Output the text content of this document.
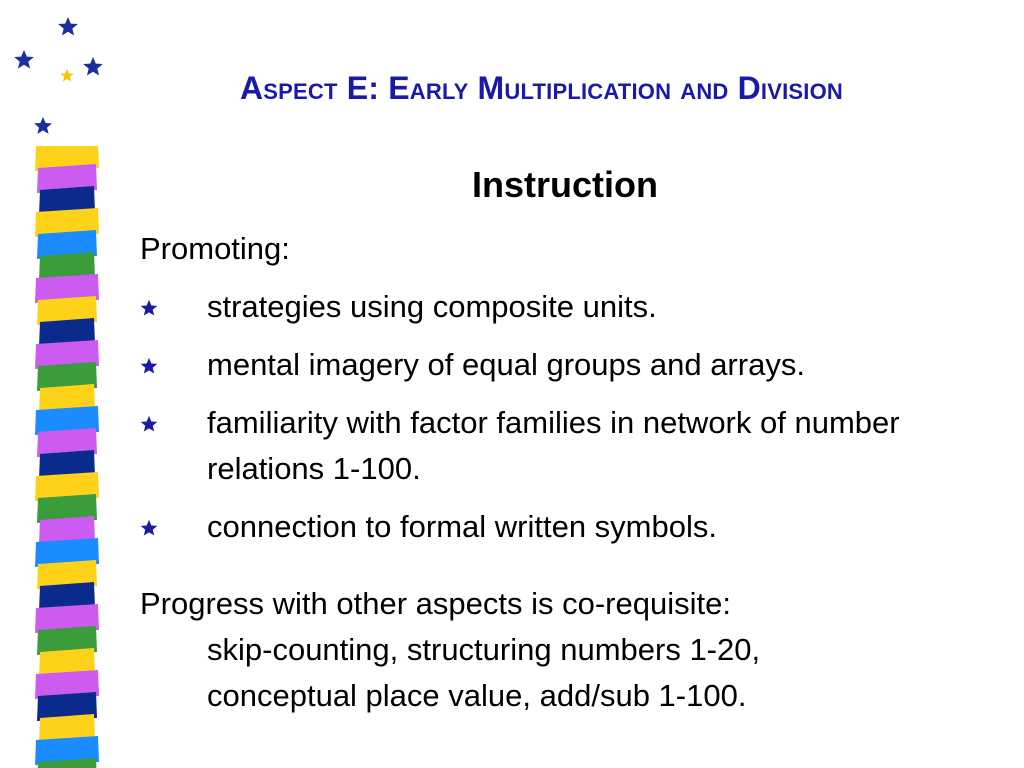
Aspect E: Early Multiplication and Division
Instruction
Promoting:
strategies using composite units.
mental imagery of equal groups and arrays.
familiarity with factor families in network of number relations 1-100.
connection to formal written symbols.
Progress with other aspects is co-requisite:
skip-counting, structuring numbers 1-20,
conceptual place value, add/sub 1-100.
